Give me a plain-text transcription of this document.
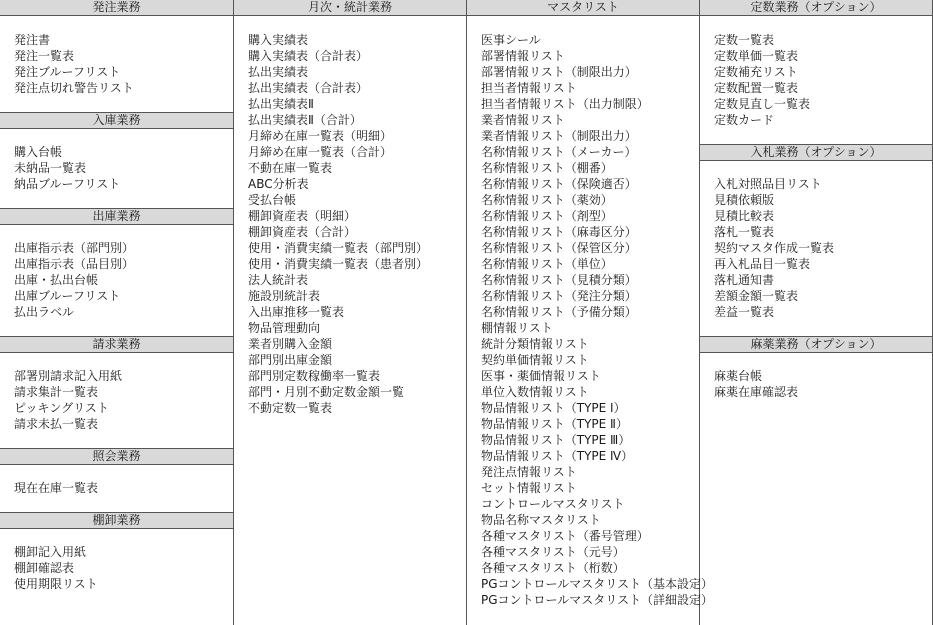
発注業務
発注書
発注一覧表
発注ブルーフリスト
発注点切れ警告リスト
入庫業務
購入台帳
未納品一覧表
納品ブルーフリスト
出庫業務
出庫指示表（部門別）
出庫指示表（品目別）
出庫・払出台帳
出庫ブルーフリスト
払出ラベル
請求業務
部署別請求記入用紙
請求集計一覧表
ピッキングリスト
請求未払一覧表
照会業務
現在在庫一覧表
棚卸業務
棚卸記入用紙
棚卸確認表
使用期限リスト
月次・統計業務
購入実績表
購入実績表（合計表）
払出実績表
払出実績表（合計表）
払出実績表Ⅱ
払出実績表Ⅱ（合計）
月締め在庫一覧表（明細）
月締め在庫一覧表（合計）
不動在庫一覧表
ABC分析表
受払台帳
棚卸資産表（明細）
棚卸資産表（合計）
使用・消費実績一覧表（部門別）
使用・消費実績一覧表（患者別）
法人統計表
施設別統計表
入出庫推移一覧表
物品管理動向
業者別購入金額
部門別出庫金額
部門別定数稼働率一覧表
部門・月別不動定数金額一覧
不動定数一覧表
マスタリスト
医事シール
部署情報リスト
部署情報リスト（制限出力）
担当者情報リスト
担当者情報リスト（出力制限）
業者情報リスト
業者情報リスト（制限出力）
名称情報リスト（メーカー）
名称情報リスト（棚番）
名称情報リスト（保険適否）
名称情報リスト（薬効）
名称情報リスト（剤型）
名称情報リスト（麻毒区分）
名称情報リスト（保管区分）
名称情報リスト（単位）
名称情報リスト（見積分類）
名称情報リスト（発注分類）
名称情報リスト（予備分類）
棚情報リスト
統計分類情報リスト
契約単価情報リスト
医事・薬価情報リスト
単位入数情報リスト
物品情報リスト（TYPE Ⅰ）
物品情報リスト（TYPE Ⅱ）
物品情報リスト（TYPE Ⅲ）
物品情報リスト（TYPE Ⅳ）
発注点情報リスト
セット情報リスト
コントロールマスタリスト
物品名称マスタリスト
各種マスタリスト（番号管理）
各種マスタリスト（元号）
各種マスタリスト（桁数）
PGコントロールマスタリスト（基本設定）
PGコントロールマスタリスト（詳細設定）
定数業務（オプション）
定数一覧表
定数単価一覧表
定数補充リスト
定数配置一覧表
定数見直し一覧表
定数カード
入札業務（オプション）
入札対照品目リスト
見積依頼版
見積比較表
落札一覧表
契約マスタ作成一覧表
再入札品目一覧表
落札通知書
差額金額一覧表
差益一覧表
麻薬業務（オプション）
麻薬台帳
麻薬在庫確認表
